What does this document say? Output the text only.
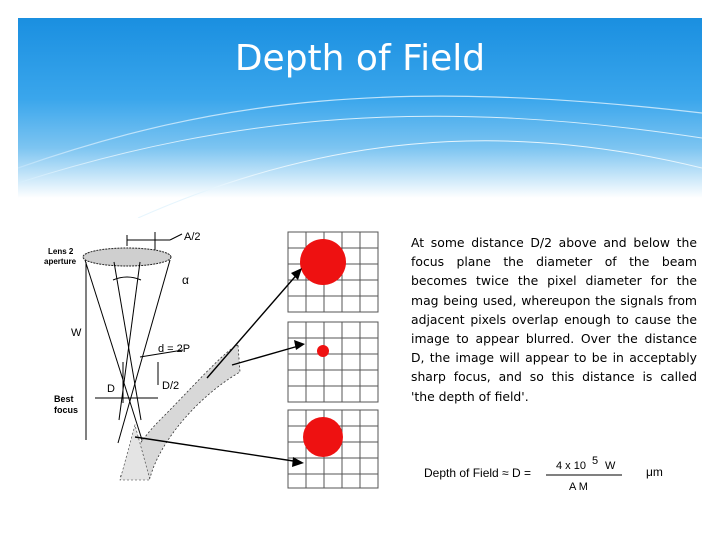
Depth of Field
At some distance D/2 above and below the focus plane the diameter of the beam becomes twice the pixel diameter for the mag being used, whereupon the signals from adjacent pixels overlap enough to cause the image to appear blurred. Over the distance D, the image will appear to be in acceptably sharp focus, and so this distance is called 'the depth of field'.
A/2
Lens 2
aperture
α
W
d = 2P
D	D/2
Best
focus
Depth of Field ≈ D = 4 x 10 5 W
A M
μm
